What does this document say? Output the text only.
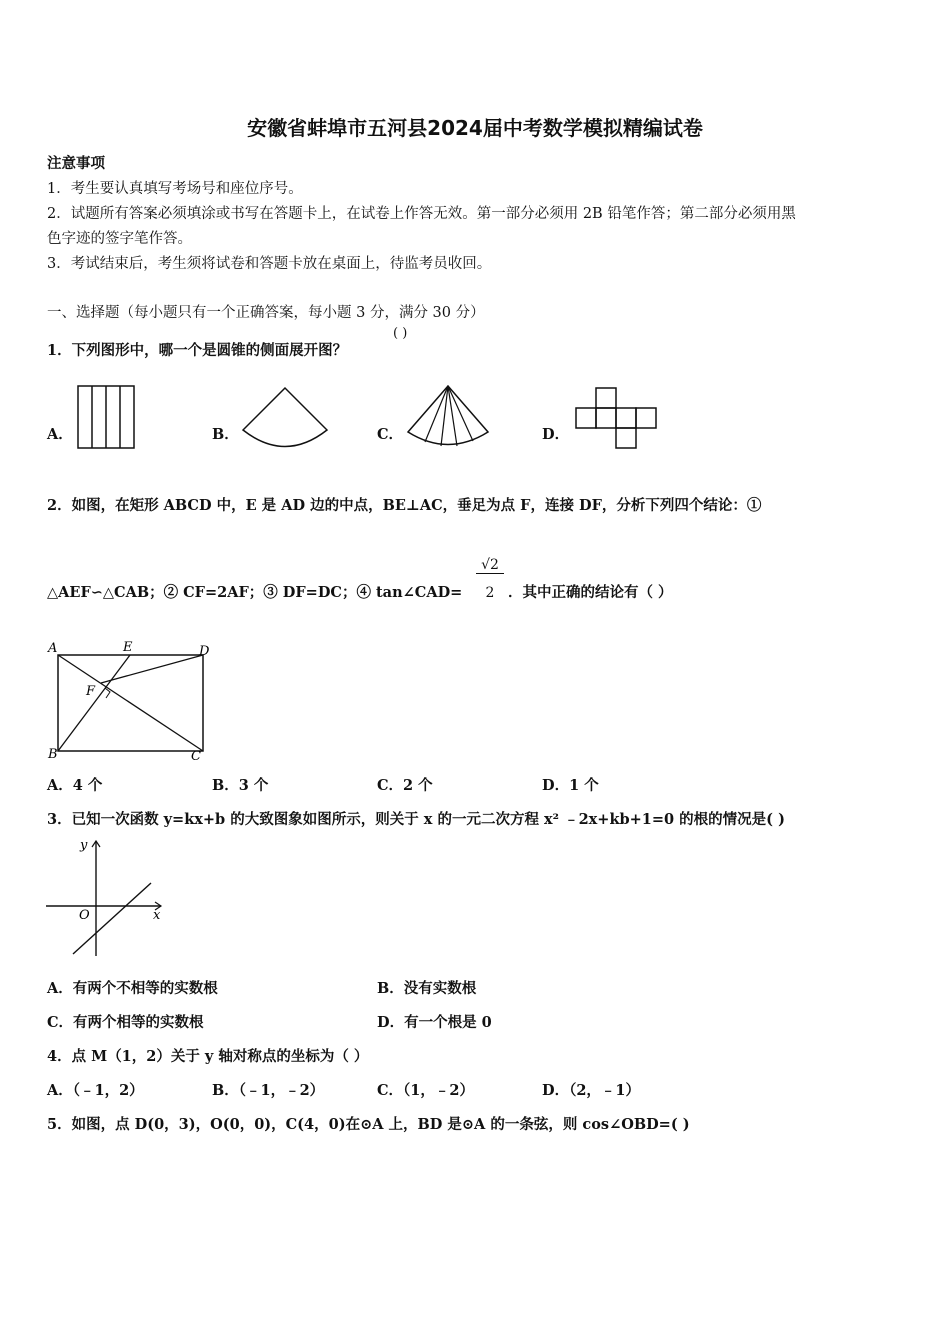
安徽省蚌埠市五河县2024届中考数学模拟精编试卷
注意事项
1．考生要认真填写考场号和座位序号。
2．试题所有答案必须填涂或书写在答题卡上，在试卷上作答无效。第一部分必须用 2B 铅笔作答；第二部分必须用黑
色字迹的签字笔作答。
3．考试结束后，考生须将试卷和答题卡放在桌面上，待监考员收回。
一、选择题（每小题只有一个正确答案，每小题 3 分，满分 30 分）
1．下列图形中，哪一个是圆锥的侧面展开图？
( )
A．	B．	C．	D．
2．如图，在矩形 ABCD 中，E 是 AD 边的中点，BE⊥AC，垂足为点 F，连接 DF，分析下列四个结论：①
△AEF∽△CAB；② CF=2AF；③ DF=DC；④ tan∠CAD=
√2
2 ．其中正确的结论有（ ）
A	E	D
F
B	C
A．4 个	B．3 个	C．2 个	D．1 个
3．已知一次函数 y=kx+b 的大致图象如图所示，则关于 x 的一元二次方程 x² ﹣2x+kb+1=0 的根的情况是( )
y
O	x
A．有两个不相等的实数根	B．没有实数根
C．有两个相等的实数根	D．有一个根是 0
4．点 M（1，2）关于 y 轴对称点的坐标为（ ）
A．（﹣1，2）	B．（﹣1，﹣2）	C．（1，﹣2）	D．（2，﹣1）
5．如图，点 D(0，3)，O(0，0)，C(4，0)在⊙A 上，BD 是⊙A 的一条弦，则 cos∠OBD=( )
